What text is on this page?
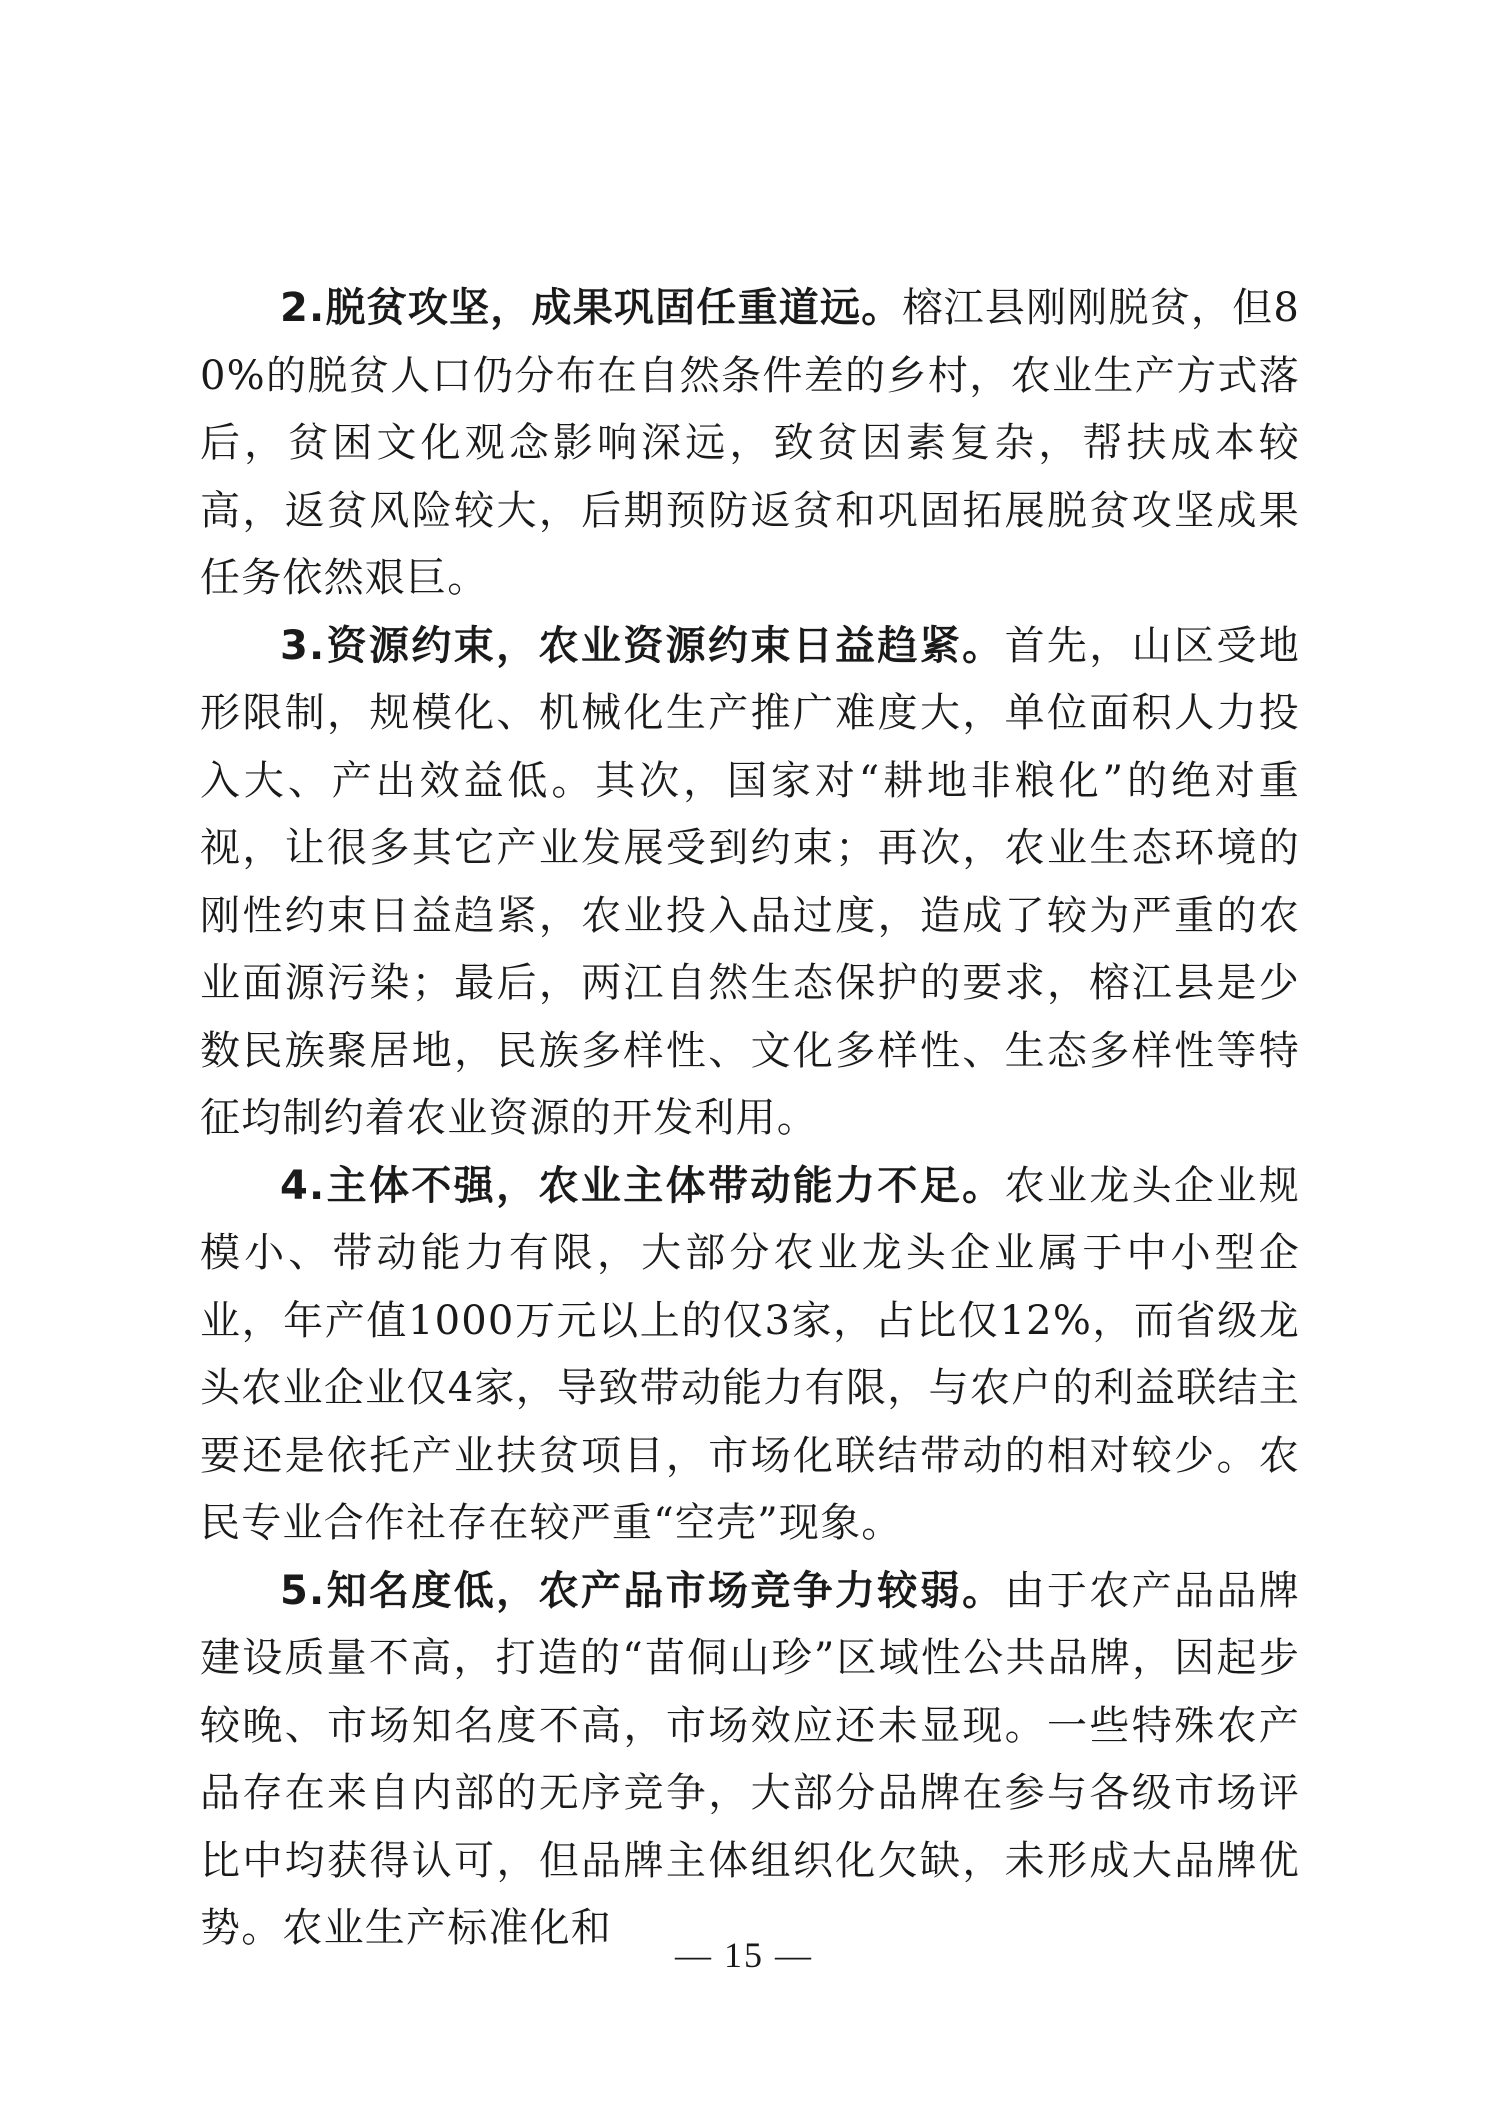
2.脱贫攻坚，成果巩固任重道远。榕江县刚刚脱贫，但80%的脱贫人口仍分布在自然条件差的乡村，农业生产方式落后，贫困文化观念影响深远，致贫因素复杂，帮扶成本较高，返贫风险较大，后期预防返贫和巩固拓展脱贫攻坚成果任务依然艰巨。

3.资源约束，农业资源约束日益趋紧。首先，山区受地形限制，规模化、机械化生产推广难度大，单位面积人力投入大、产出效益低。其次，国家对“耕地非粮化”的绝对重视，让很多其它产业发展受到约束；再次，农业生态环境的刚性约束日益趋紧，农业投入品过度，造成了较为严重的农业面源污染；最后，两江自然生态保护的要求，榕江县是少数民族聚居地，民族多样性、文化多样性、生态多样性等特征均制约着农业资源的开发利用。

4.主体不强，农业主体带动能力不足。农业龙头企业规模小、带动能力有限，大部分农业龙头企业属于中小型企业，年产值1000万元以上的仅3家，占比仅12%，而省级龙头农业企业仅4家，导致带动能力有限，与农户的利益联结主要还是依托产业扶贫项目，市场化联结带动的相对较少。农民专业合作社存在较严重“空壳”现象。

5.知名度低，农产品市场竞争力较弱。由于农产品品牌建设质量不高，打造的“苗侗山珍”区域性公共品牌，因起步较晚、市场知名度不高，市场效应还未显现。一些特殊农产品存在来自内部的无序竞争，大部分品牌在参与各级市场评比中均获得认可，但品牌主体组织化欠缺，未形成大品牌优势。农业生产标准化和

— 15 —
